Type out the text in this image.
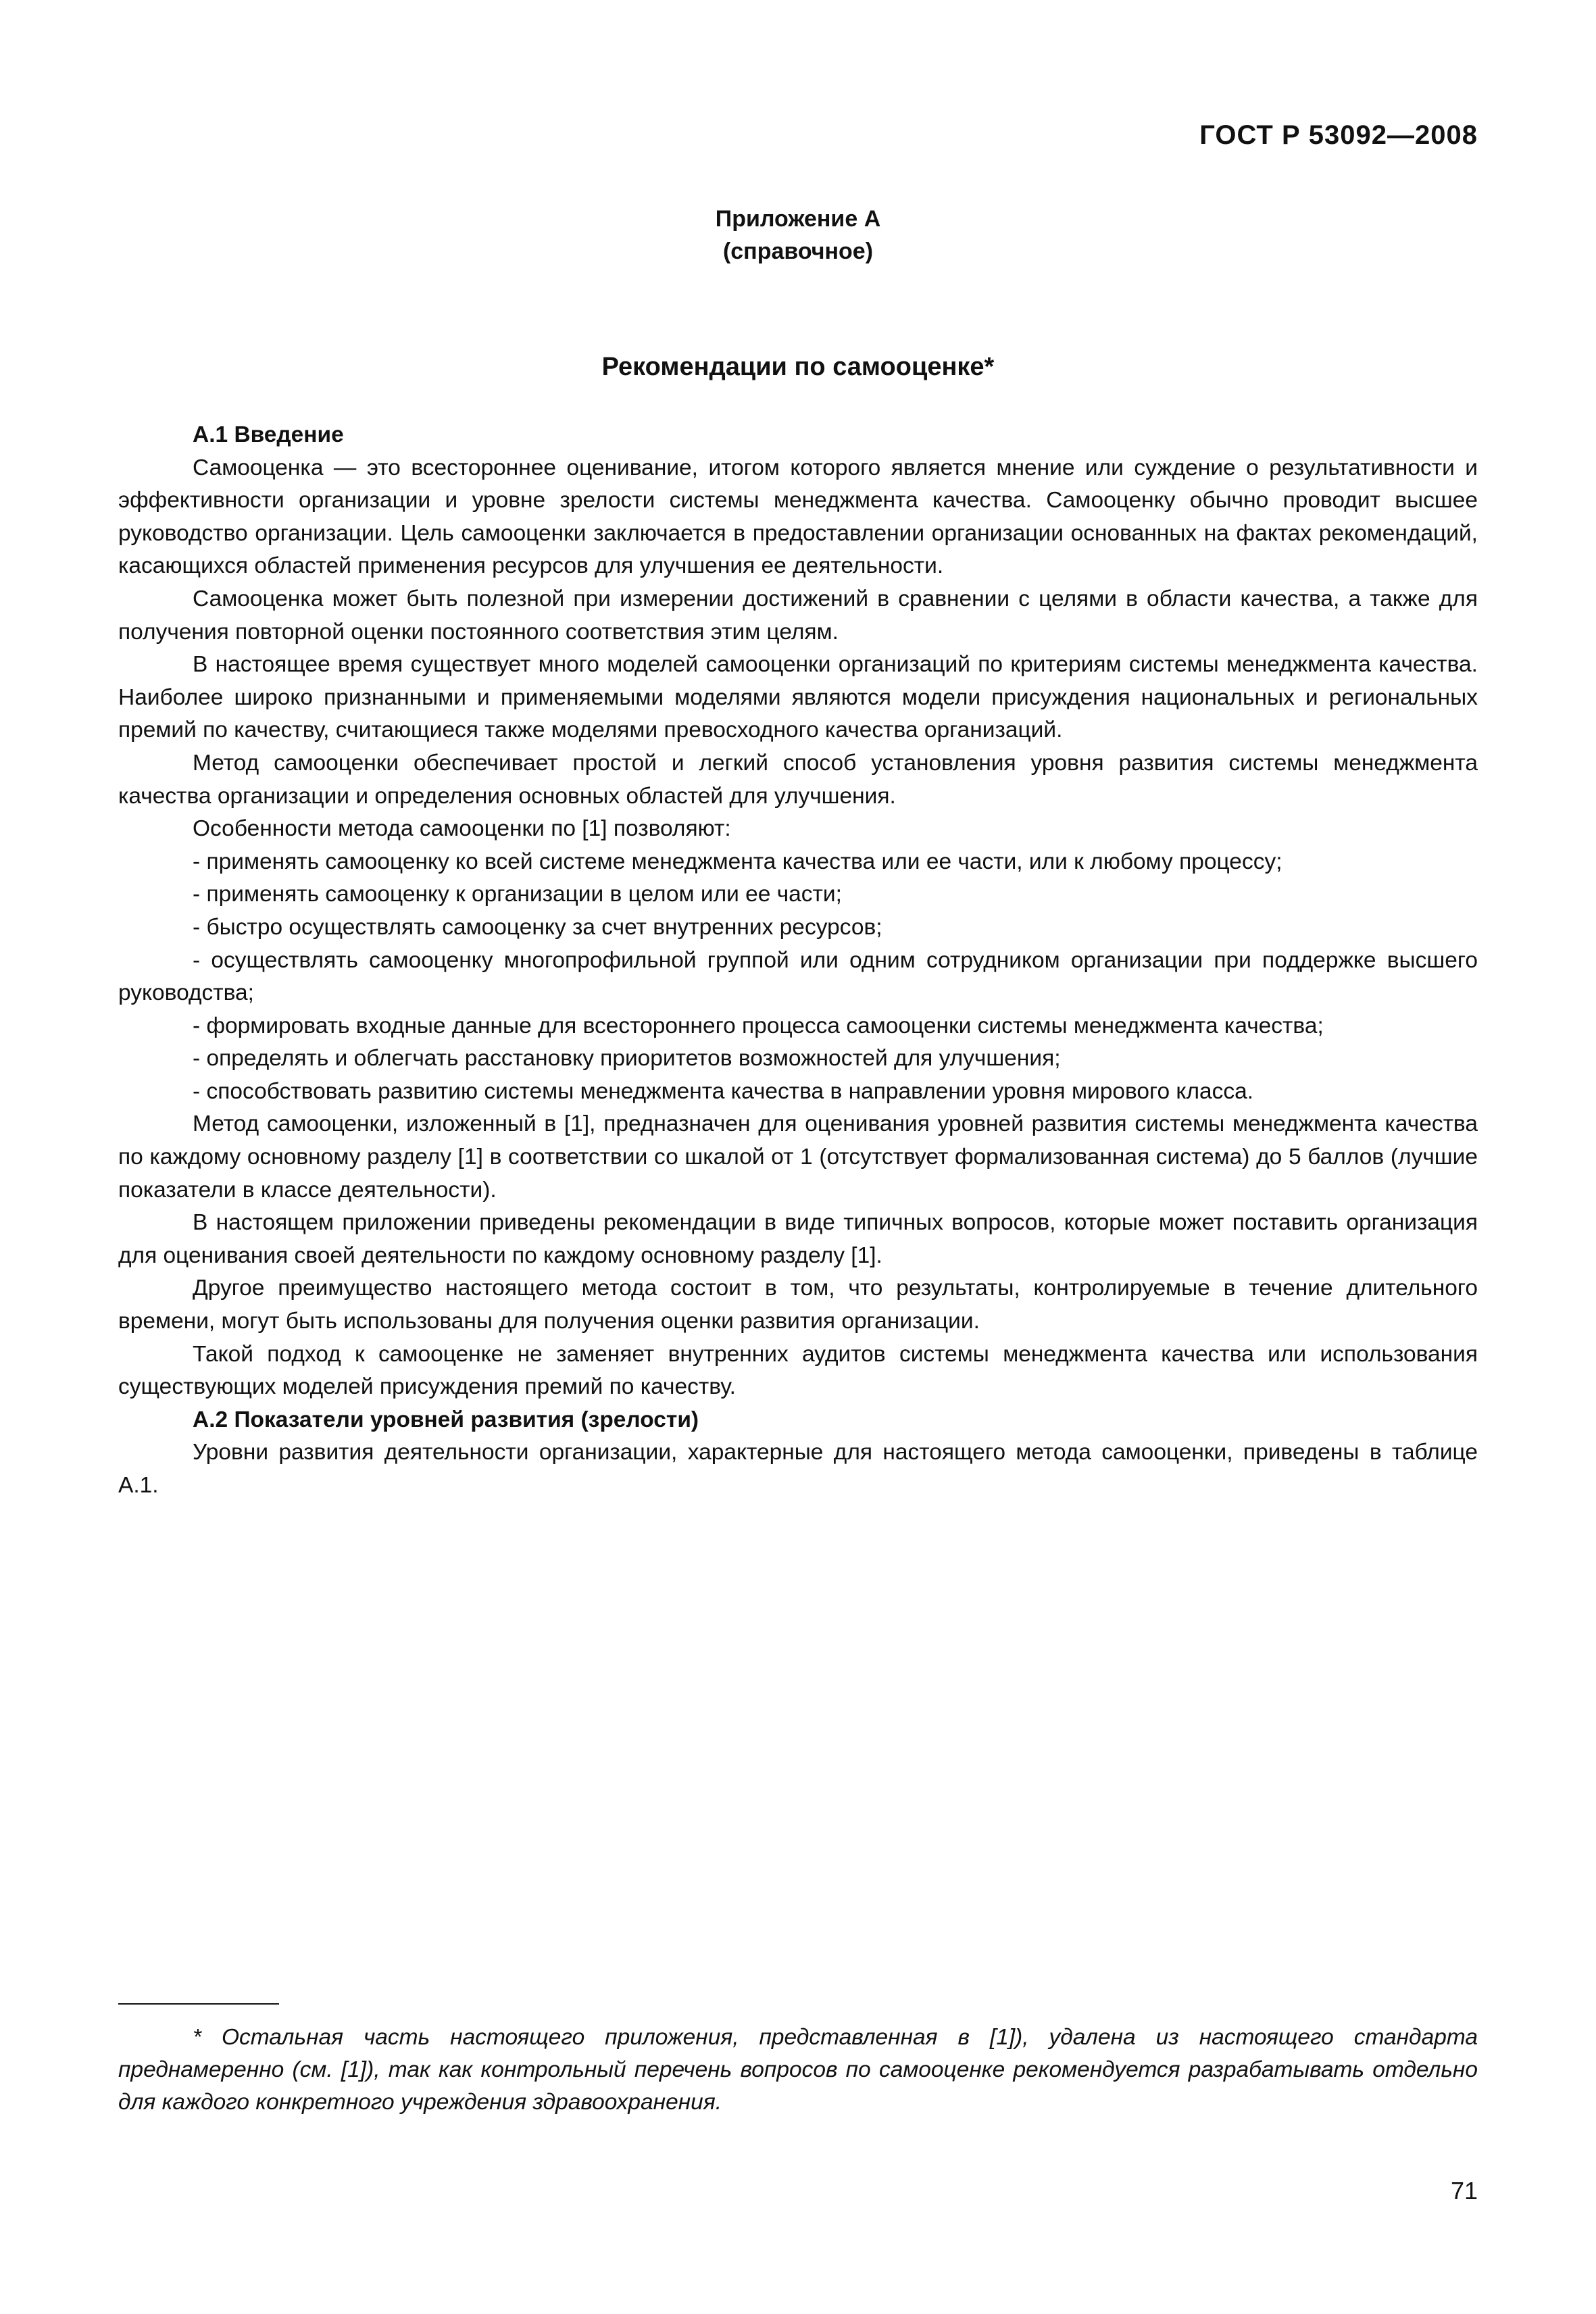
ГОСТ Р 53092—2008
Приложение А
(справочное)
Рекомендации по самооценке*

А.1 Введение

Самооценка — это всестороннее оценивание, итогом которого является мнение или суждение о результативности и эффективности организации и уровне зрелости системы менеджмента качества. Самооценку обычно проводит высшее руководство организации. Цель самооценки заключается в предоставлении организации основанных на фактах рекомендаций, касающихся областей применения ресурсов для улучшения ее деятельности.

Самооценка может быть полезной при измерении достижений в сравнении с целями в области качества, а также для получения повторной оценки постоянного соответствия этим целям.

В настоящее время существует много моделей самооценки организаций по критериям системы менеджмента качества. Наиболее широко признанными и применяемыми моделями являются модели присуждения национальных и региональных премий по качеству, считающиеся также моделями превосходного качества организаций.

Метод самооценки обеспечивает простой и легкий способ установления уровня развития системы менеджмента качества организации и определения основных областей для улучшения.

Особенности метода самооценки по [1] позволяют:

- применять самооценку ко всей системе менеджмента качества или ее части, или к любому процессу;

- применять самооценку к организации в целом или ее части;

- быстро осуществлять самооценку за счет внутренних ресурсов;

- осуществлять самооценку многопрофильной группой или одним сотрудником организации при поддержке высшего руководства;

- формировать входные данные для всестороннего процесса самооценки системы менеджмента качества;

- определять и облегчать расстановку приоритетов возможностей для улучшения;

- способствовать развитию системы менеджмента качества в направлении уровня мирового класса.

Метод самооценки, изложенный в [1], предназначен для оценивания уровней развития системы менеджмента качества по каждому основному разделу [1] в соответствии со шкалой от 1 (отсутствует формализованная система) до 5 баллов (лучшие показатели в классе деятельности).

В настоящем приложении приведены рекомендации в виде типичных вопросов, которые может поставить организация для оценивания своей деятельности по каждому основному разделу [1].

Другое преимущество настоящего метода состоит в том, что результаты, контролируемые в течение длительного времени, могут быть использованы для получения оценки развития организации.

Такой подход к самооценке не заменяет внутренних аудитов системы менеджмента качества или использования существующих моделей присуждения премий по качеству.

А.2 Показатели уровней развития (зрелости)

Уровни развития деятельности организации, характерные для настоящего метода самооценки, приведены в таблице А.1.

* Остальная часть настоящего приложения, представленная в [1]), удалена из настоящего стандарта преднамеренно (см. [1]), так как контрольный перечень вопросов по самооценке рекомендуется разрабатывать отдельно для каждого конкретного учреждения здравоохранения.

71
